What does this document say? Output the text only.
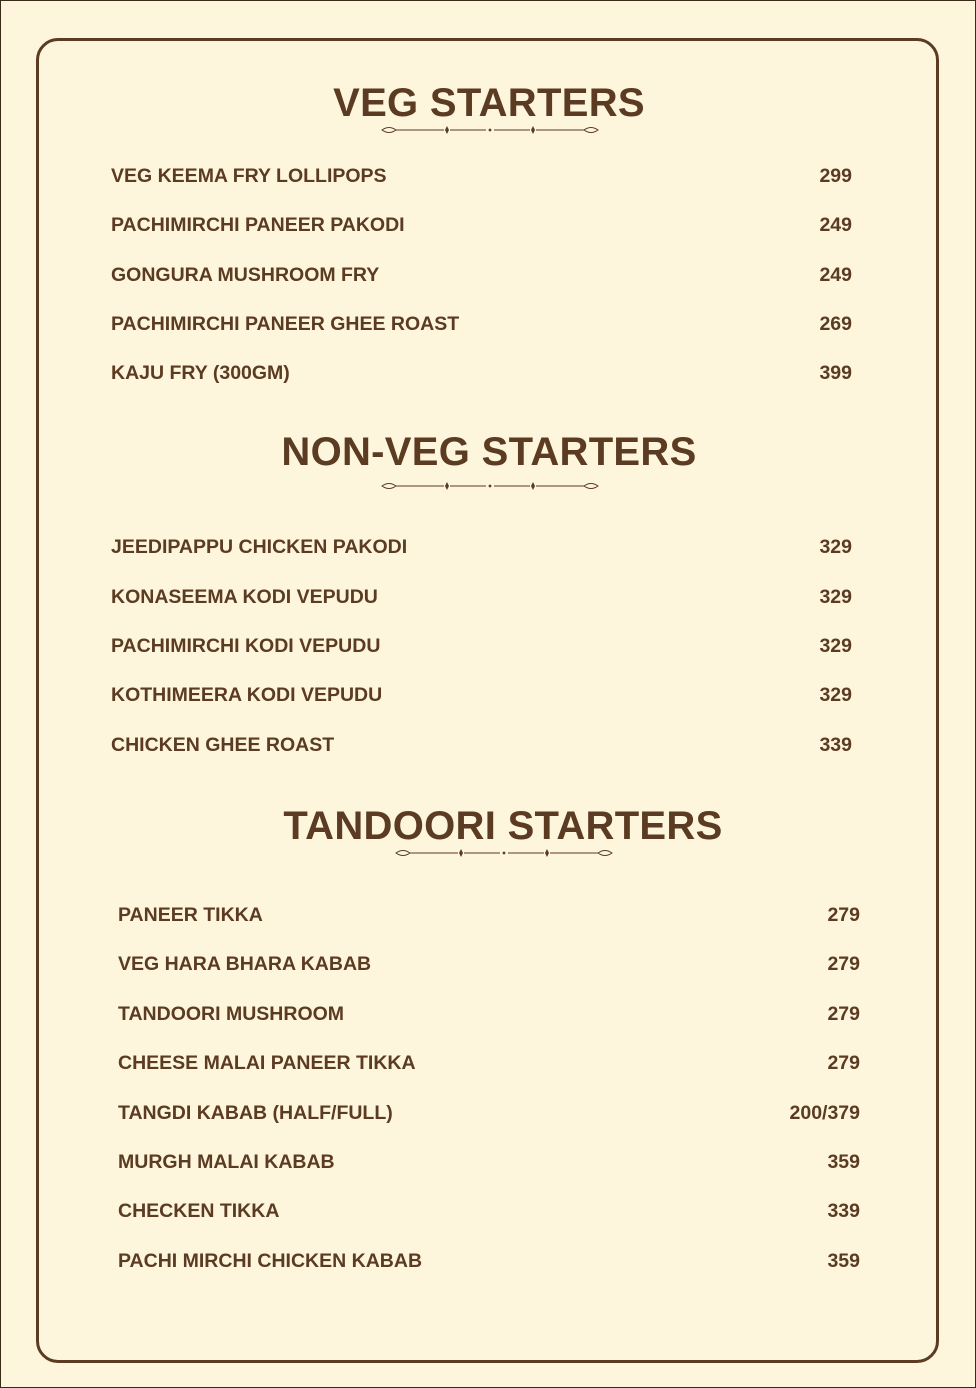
VEG STARTERS
VEG KEEMA FRY LOLLIPOPS	299
PACHIMIRCHI PANEER PAKODI	249
GONGURA MUSHROOM FRY	249
PACHIMIRCHI PANEER GHEE ROAST	269
KAJU FRY (300GM)	399
NON-VEG STARTERS
JEEDIPAPPU CHICKEN PAKODI	329
KONASEEMA KODI VEPUDU	329
PACHIMIRCHI KODI VEPUDU	329
KOTHIMEERA KODI VEPUDU	329
CHICKEN GHEE ROAST	339
TANDOORI STARTERS
PANEER TIKKA	279
VEG HARA BHARA KABAB	279
TANDOORI MUSHROOM	279
CHEESE MALAI PANEER TIKKA	279
TANGDI KABAB (HALF/FULL)	200/379
MURGH MALAI KABAB	359
CHECKEN TIKKA	339
PACHI MIRCHI CHICKEN KABAB	359
